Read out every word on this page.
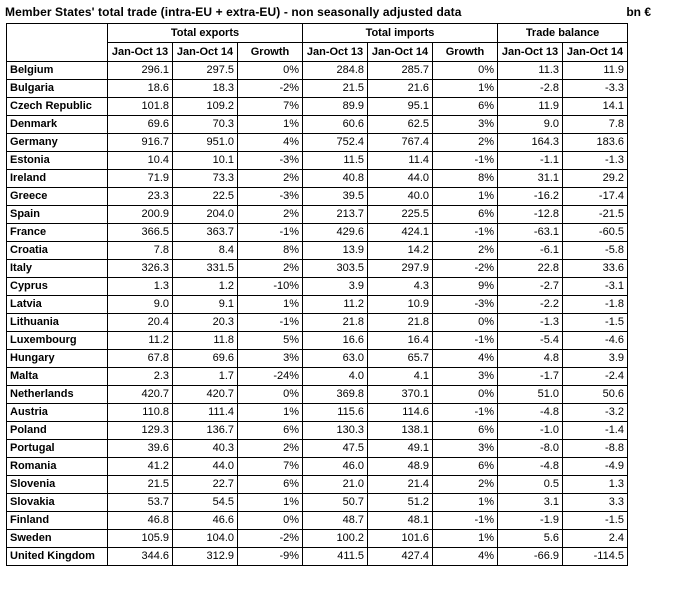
Member States' total trade (intra-EU + extra-EU) - non seasonally adjusted data	bn €
	Total exports			Total imports			Trade balance	
	Jan-Oct 13	Jan-Oct 14	Growth	Jan-Oct 13	Jan-Oct 14	Growth	Jan-Oct 13	Jan-Oct 14
Belgium	296.1	297.5	0%	284.8	285.7	0%	11.3	11.9
Bulgaria	18.6	18.3	-2%	21.5	21.6	1%	-2.8	-3.3
Czech Republic	101.8	109.2	7%	89.9	95.1	6%	11.9	14.1
Denmark	69.6	70.3	1%	60.6	62.5	3%	9.0	7.8
Germany	916.7	951.0	4%	752.4	767.4	2%	164.3	183.6
Estonia	10.4	10.1	-3%	11.5	11.4	-1%	-1.1	-1.3
Ireland	71.9	73.3	2%	40.8	44.0	8%	31.1	29.2
Greece	23.3	22.5	-3%	39.5	40.0	1%	-16.2	-17.4
Spain	200.9	204.0	2%	213.7	225.5	6%	-12.8	-21.5
France	366.5	363.7	-1%	429.6	424.1	-1%	-63.1	-60.5
Croatia	7.8	8.4	8%	13.9	14.2	2%	-6.1	-5.8
Italy	326.3	331.5	2%	303.5	297.9	-2%	22.8	33.6
Cyprus	1.3	1.2	-10%	3.9	4.3	9%	-2.7	-3.1
Latvia	9.0	9.1	1%	11.2	10.9	-3%	-2.2	-1.8
Lithuania	20.4	20.3	-1%	21.8	21.8	0%	-1.3	-1.5
Luxembourg	11.2	11.8	5%	16.6	16.4	-1%	-5.4	-4.6
Hungary	67.8	69.6	3%	63.0	65.7	4%	4.8	3.9
Malta	2.3	1.7	-24%	4.0	4.1	3%	-1.7	-2.4
Netherlands	420.7	420.7	0%	369.8	370.1	0%	51.0	50.6
Austria	110.8	111.4	1%	115.6	114.6	-1%	-4.8	-3.2
Poland	129.3	136.7	6%	130.3	138.1	6%	-1.0	-1.4
Portugal	39.6	40.3	2%	47.5	49.1	3%	-8.0	-8.8
Romania	41.2	44.0	7%	46.0	48.9	6%	-4.8	-4.9
Slovenia	21.5	22.7	6%	21.0	21.4	2%	0.5	1.3
Slovakia	53.7	54.5	1%	50.7	51.2	1%	3.1	3.3
Finland	46.8	46.6	0%	48.7	48.1	-1%	-1.9	-1.5
Sweden	105.9	104.0	-2%	100.2	101.6	1%	5.6	2.4
United Kingdom	344.6	312.9	-9%	411.5	427.4	4%	-66.9	-114.5
